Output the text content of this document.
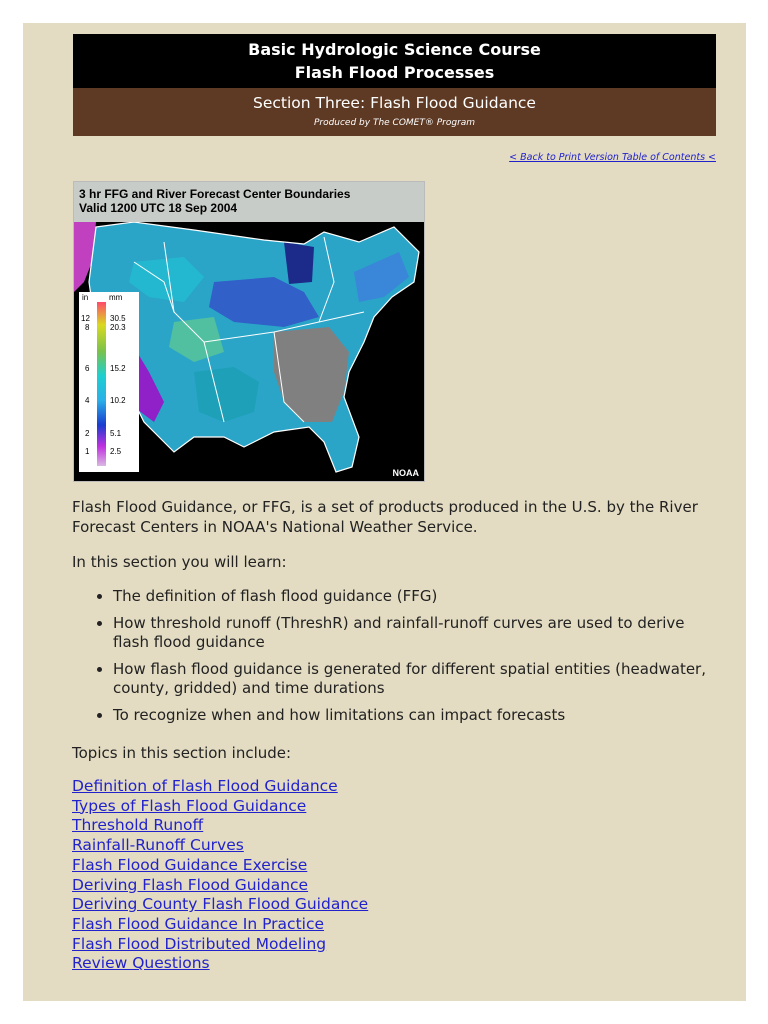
Basic Hydrologic Science Course
Flash Flood Processes
Section Three: Flash Flood Guidance
Produced by The COMET® Program
< Back to Print Version Table of Contents <
3 hr FFG and River Forecast Center Boundaries
Valid 1200 UTC 18 Sep 2004
in	mm
12	30.5
8	20.3
6	15.2
4	10.2
2	5.1
1	2.5
NOAA

Flash Flood Guidance, or FFG, is a set of products produced in the U.S. by the River Forecast Centers in NOAA's National Weather Service.

In this section you will learn:

• The definition of flash flood guidance (FFG)
• How threshold runoff (ThreshR) and rainfall-runoff curves are used to derive flash flood guidance
• How flash flood guidance is generated for different spatial entities (headwater, county, gridded) and time durations
• To recognize when and how limitations can impact forecasts

Topics in this section include:

Definition of Flash Flood Guidance
Types of Flash Flood Guidance
Threshold Runoff
Rainfall-Runoff Curves
Flash Flood Guidance Exercise
Deriving Flash Flood Guidance
Deriving County Flash Flood Guidance
Flash Flood Guidance In Practice
Flash Flood Distributed Modeling
Review Questions
